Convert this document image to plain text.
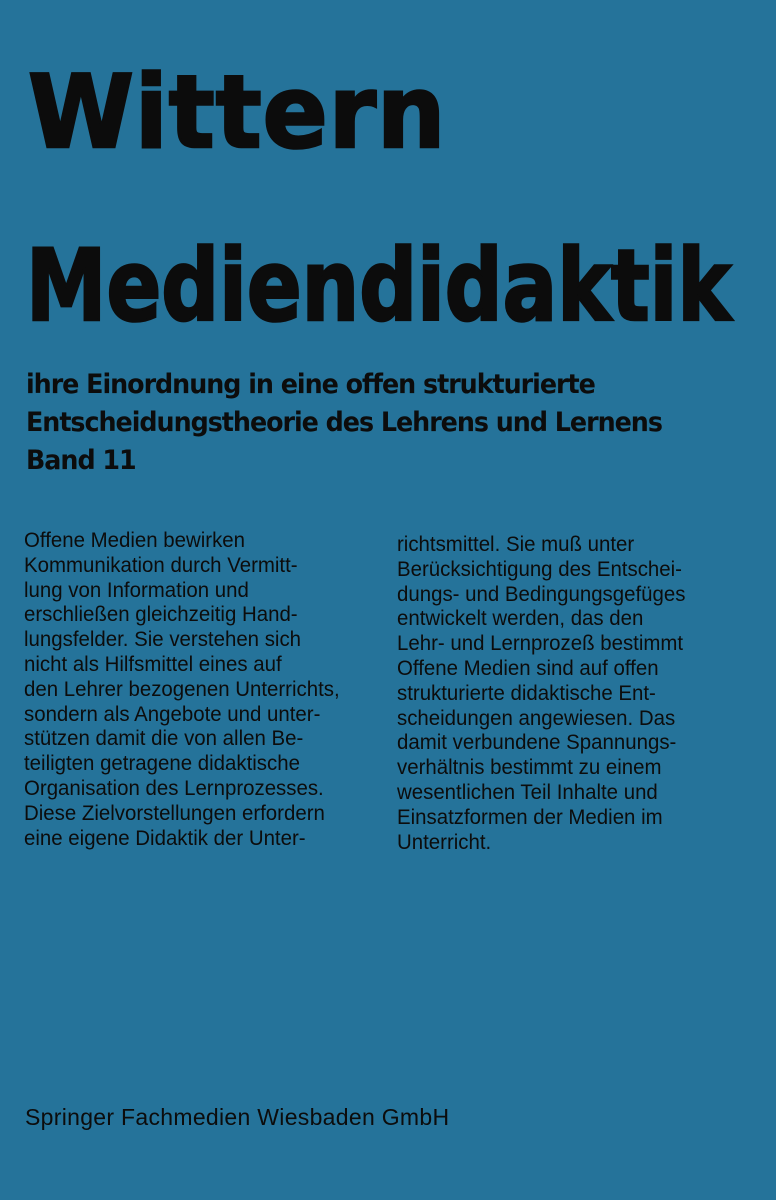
Wittern
Mediendidaktik
ihre Einordnung in eine offen strukturierte
Entscheidungstheorie des Lehrens und Lernens
Band 11
Offene Medien bewirken
Kommunikation durch Vermitt-
lung von Information und
erschließen gleichzeitig Hand-
lungsfelder. Sie verstehen sich
nicht als Hilfsmittel eines auf
den Lehrer bezogenen Unterrichts,
sondern als Angebote und unter-
stützen damit die von allen Be-
teiligten getragene didaktische
Organisation des Lernprozesses.
Diese Zielvorstellungen erfordern
eine eigene Didaktik der Unter-
richtsmittel. Sie muß unter
Berücksichtigung des Entschei-
dungs- und Bedingungsgefüges
entwickelt werden, das den
Lehr- und Lernprozeß bestimmt
Offene Medien sind auf offen
strukturierte didaktische Ent-
scheidungen angewiesen. Das
damit verbundene Spannungs-
verhältnis bestimmt zu einem
wesentlichen Teil Inhalte und
Einsatzformen der Medien im
Unterricht.
Springer Fachmedien Wiesbaden GmbH
